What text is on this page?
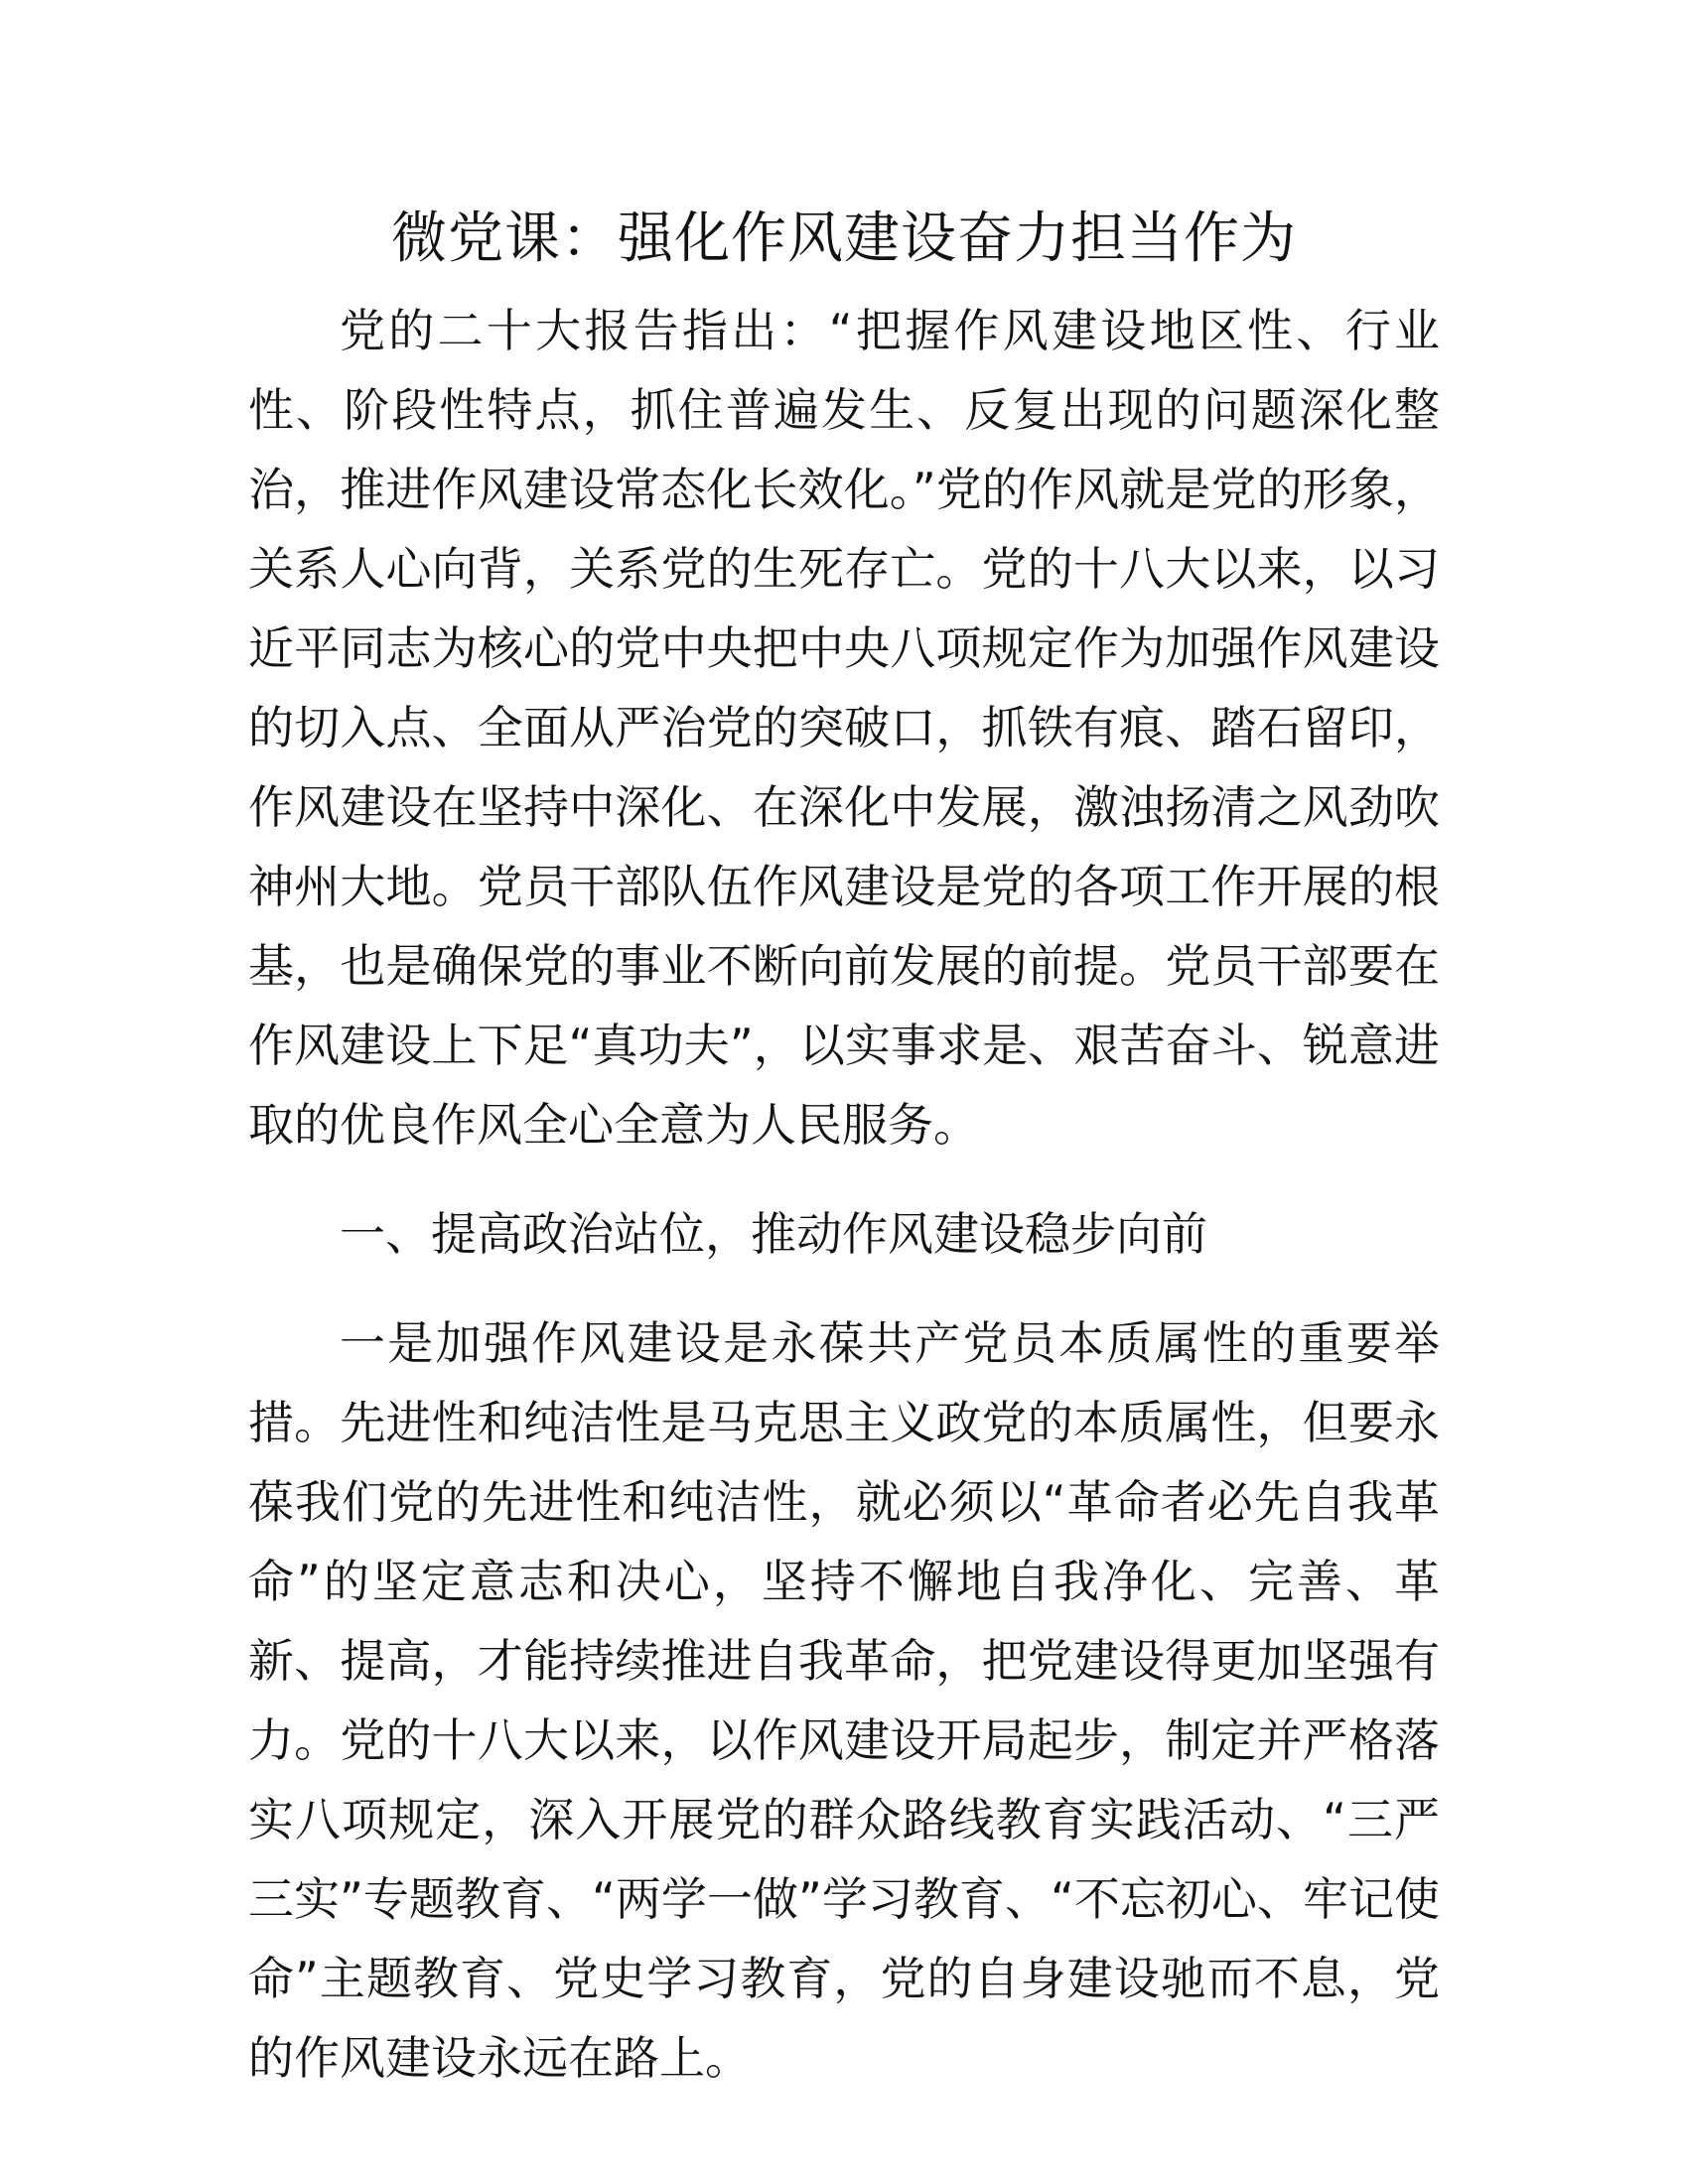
微党课：强化作风建设奋力担当作为

党的二十大报告指出：“把握作风建设地区性、行业性、阶段性特点，抓住普遍发生、反复出现的问题深化整治，推进作风建设常态化长效化。”党的作风就是党的形象，关系人心向背，关系党的生死存亡。党的十八大以来，以习近平同志为核心的党中央把中央八项规定作为加强作风建设的切入点、全面从严治党的突破口，抓铁有痕、踏石留印，作风建设在坚持中深化、在深化中发展，激浊扬清之风劲吹神州大地。党员干部队伍作风建设是党的各项工作开展的根基，也是确保党的事业不断向前发展的前提。党员干部要在作风建设上下足“真功夫”，以实事求是、艰苦奋斗、锐意进取的优良作风全心全意为人民服务。

一、提高政治站位，推动作风建设稳步向前

一是加强作风建设是永葆共产党员本质属性的重要举措。先进性和纯洁性是马克思主义政党的本质属性，但要永葆我们党的先进性和纯洁性，就必须以“革命者必先自我革命”的坚定意志和决心，坚持不懈地自我净化、完善、革新、提高，才能持续推进自我革命，把党建设得更加坚强有力。党的十八大以来，以作风建设开局起步，制定并严格落实八项规定，深入开展党的群众路线教育实践活动、“三严三实”专题教育、“两学一做”学习教育、“不忘初心、牢记使命”主题教育、党史学习教育，党的自身建设驰而不息，党的作风建设永远在路上。
